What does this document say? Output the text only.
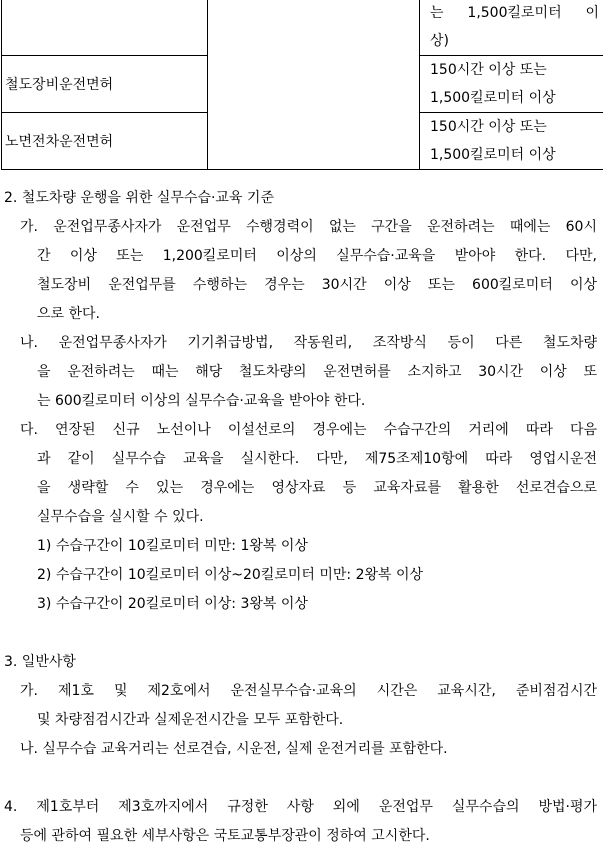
		는 1,500킬로미터 이
상)

철도장비운전면허		150시간 이상 또는
1,500킬로미터 이상

노면전차운전면허		150시간 이상 또는
1,500킬로미터 이상
2. 철도차량 운행을 위한 실무수습·교육 기준
가. 운전업무종사자가 운전업무 수행경력이 없는 구간을 운전하려는 때에는 60시
간 이상 또는 1,200킬로미터 이상의 실무수습·교육을 받아야 한다. 다만,
철도장비 운전업무를 수행하는 경우는 30시간 이상 또는 600킬로미터 이상
으로 한다.
나. 운전업무종사자가 기기취급방법, 작동원리, 조작방식 등이 다른 철도차량
을 운전하려는 때는 해당 철도차량의 운전면허를 소지하고 30시간 이상 또
는 600킬로미터 이상의 실무수습·교육을 받아야 한다.
다. 연장된 신규 노선이나 이설선로의 경우에는 수습구간의 거리에 따라 다음
과 같이 실무수습 교육을 실시한다. 다만, 제75조제10항에 따라 영업시운전
을 생략할 수 있는 경우에는 영상자료 등 교육자료를 활용한 선로견습으로
실무수습을 실시할 수 있다.
1) 수습구간이 10킬로미터 미만: 1왕복 이상
2) 수습구간이 10킬로미터 이상~20킬로미터 미만: 2왕복 이상
3) 수습구간이 20킬로미터 이상: 3왕복 이상
3. 일반사항
가. 제1호 및 제2호에서 운전실무수습·교육의 시간은 교육시간, 준비점검시간
및 차량점검시간과 실제운전시간을 모두 포함한다.
나. 실무수습 교육거리는 선로견습, 시운전, 실제 운전거리를 포함한다.
4. 제1호부터 제3호까지에서 규정한 사항 외에 운전업무 실무수습의 방법·평가
등에 관하여 필요한 세부사항은 국토교통부장관이 정하여 고시한다.
